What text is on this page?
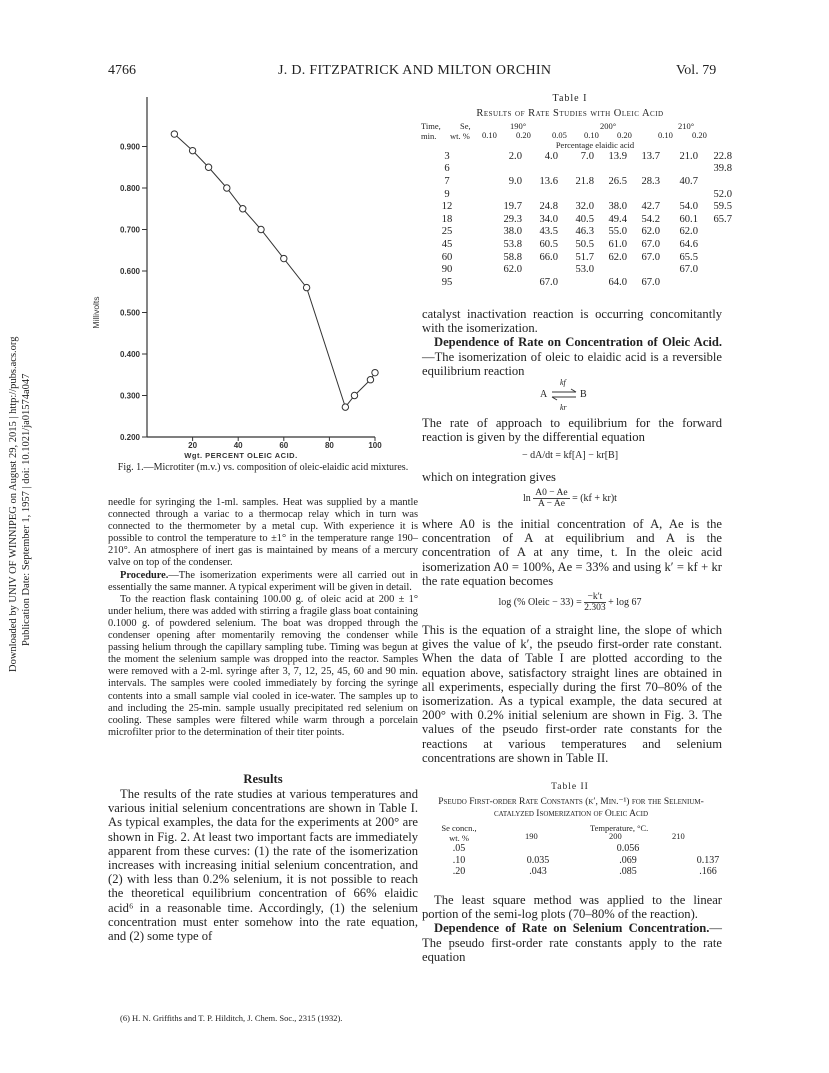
4766	J. D. FITZPATRICK AND MILTON ORCHIN	Vol. 79
Downloaded by UNIV OF WINNIPEG on August 29, 2015 | http://pubs.acs.org Publication Date: September 1, 1957 | doi: 10.1021/ja01574a047	0.200
0.300
0.400
0.500
0.600
0.700
0.800
0.900
20	40	60	80	100
Wgt. PERCENT OLEIC ACID.
Millivolts
Fig. 1.—Microtiter (m.v.) vs. composition of oleic-elaidic acid mixtures.

needle for syringing the 1-ml. samples. Heat was supplied by a mantle connected through a variac to a thermocap relay which in turn was connected to the thermometer by a metal cup. With experience it is possible to control the temperature to ±1° in the temperature range 190–210°. An atmosphere of inert gas is maintained by means of a mercury valve on top of the condenser.

Procedure.—The isomerization experiments were all carried out in essentially the same manner. A typical experiment will be given in detail.

To the reaction flask containing 100.00 g. of oleic acid at 200 ± 1° under helium, there was added with stirring a fragile glass boat containing 0.1000 g. of powdered selenium. The boat was dropped through the condenser opening after momentarily removing the condenser while passing helium through the capillary sampling tube. Timing was begun at the moment the selenium sample was dropped into the reactor. Samples were removed with a 2-ml. syringe after 3, 7, 12, 25, 45, 60 and 90 min. intervals. The samples were cooled immediately by forcing the syringe contents into a small sample vial cooled in ice-water. The samples up to and including the 25-min. sample usually precipitated red selenium on cooling. These samples were filtered while warm through a porcelain microfilter prior to the determination of their titer points.

Results

The results of the rate studies at various temperatures and various initial selenium concentrations are shown in Table I. As typical examples, the data for the experiments at 200° are shown in Fig. 2. At least two important facts are immediately apparent from these curves: (1) the rate of the isomerization increases with increasing initial selenium concentration, and (2) with less than 0.2% selenium, it is not possible to reach the theoretical equilibrium concentration of 66% elaidic acid⁶ in a reasonable time. Accordingly, (1) the selenium concentration must enter somehow into the rate equation, and (2) some type of

(6) H. N. Griffiths and T. P. Hilditch, J. Chem. Soc., 2315 (1932).
Table I
Results of Rate Studies with Oleic Acid
Time,
min.
Se,
wt. %
190°	200°	210°
0.10 0.20 0.05 0.10 0.20	0.10 0.20
Percentage elaidic acid
3	2.0	4.0	7.0	13.9	13.7	21.0	22.8
6							39.8
7	9.0	13.6	21.8	26.5	28.3	40.7	
9							52.0
12	19.7	24.8	32.0	38.0	42.7	54.0	59.5
18	29.3	34.0	40.5	49.4	54.2	60.1	65.7
25	38.0	43.5	46.3	55.0	62.0	62.0	
45	53.8	60.5	50.5	61.0	67.0	64.6	
60	58.8	66.0	51.7	62.0	67.0	65.5	
90	62.0		53.0			67.0	
95		67.0		64.0	67.0		

catalyst inactivation reaction is occurring concomitantly with the isomerization.

Dependence of Rate on Concentration of Oleic Acid.—The isomerization of oleic to elaidic acid is a reversible equilibrium reaction

A	B
kf
kr

The rate of approach to equilibrium for the forward reaction is given by the differential equation

− dA/dt = kf[A] − kr[B]
which on integration gives
$\ln \frac{A0 - Ae}{A - Ae} = (kf + kr)t$

where A0 is the initial concentration of A, Ae is the concentration of A at equilibrium and A is the concentration of A at any time, t. In the oleic acid isomerization A0 = 100%, Ae = 33% and using k′ = kf + kr the rate equation becomes

log (% Oleic − $33) = \frac{-k't}{2.303} + \log 67$

This is the equation of a straight line, the slope of which gives the value of k′, the pseudo first-order rate constant. When the data of Table I are plotted according to the equation above, satisfactory straight lines are obtained in all experiments, especially during the first 70–80% of the isomerization. As a typical example, the data secured at 200° with 0.2% initial selenium are shown in Fig. 3. The values of the pseudo first-order rate constants for the reactions at various temperatures and selenium concentrations are shown in Table II.

Table II
Pseudo First-order Rate Constants (k′, Min.⁻¹) for the Selenium-catalyzed Isomerization of Oleic Acid
Se concn.,
wt. %
Temperature, °C.
190	200	210
.05		0.056	
.10	0.035	.069	0.137
.20	.043	.085	.166

The least square method was applied to the linear portion of the semi-log plots (70–80% of the reaction).

Dependence of Rate on Selenium Concentration.—The pseudo first-order rate constants apply to the rate equation
